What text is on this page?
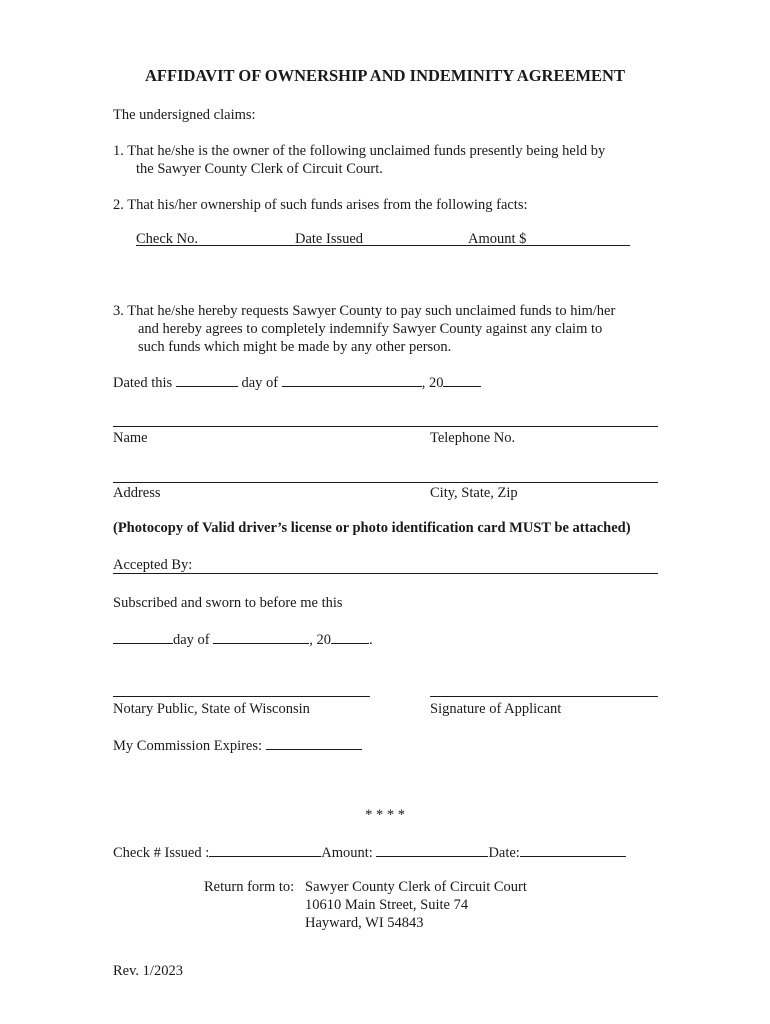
AFFIDAVIT OF OWNERSHIP AND INDEMINITY AGREEMENT
The undersigned claims:
1. That he/she is the owner of the following unclaimed funds presently being held by
the Sawyer County Clerk of Circuit Court.
2. That his/her ownership of such funds arises from the following facts:
Check No.	Date Issued	Amount $
3. That he/she hereby requests Sawyer County to pay such unclaimed funds to him/her
and hereby agrees to completely indemnify Sawyer County against any claim to
such funds which might be made by any other person.
Dated this	day of	, 20
Name	Telephone No.
Address	City, State, Zip
(Photocopy of Valid driver’s license or photo identification card MUST be attached)
Accepted By:
Subscribed and sworn to before me this
day of	, 20	.
Notary Public, State of Wisconsin	Signature of Applicant
My Commission Expires:
* * * *
Check # Issued :	Amount:	Date:
Return form to: Sawyer County Clerk of Circuit Court
10610 Main Street, Suite 74
Hayward, WI 54843
Rev. 1/2023
